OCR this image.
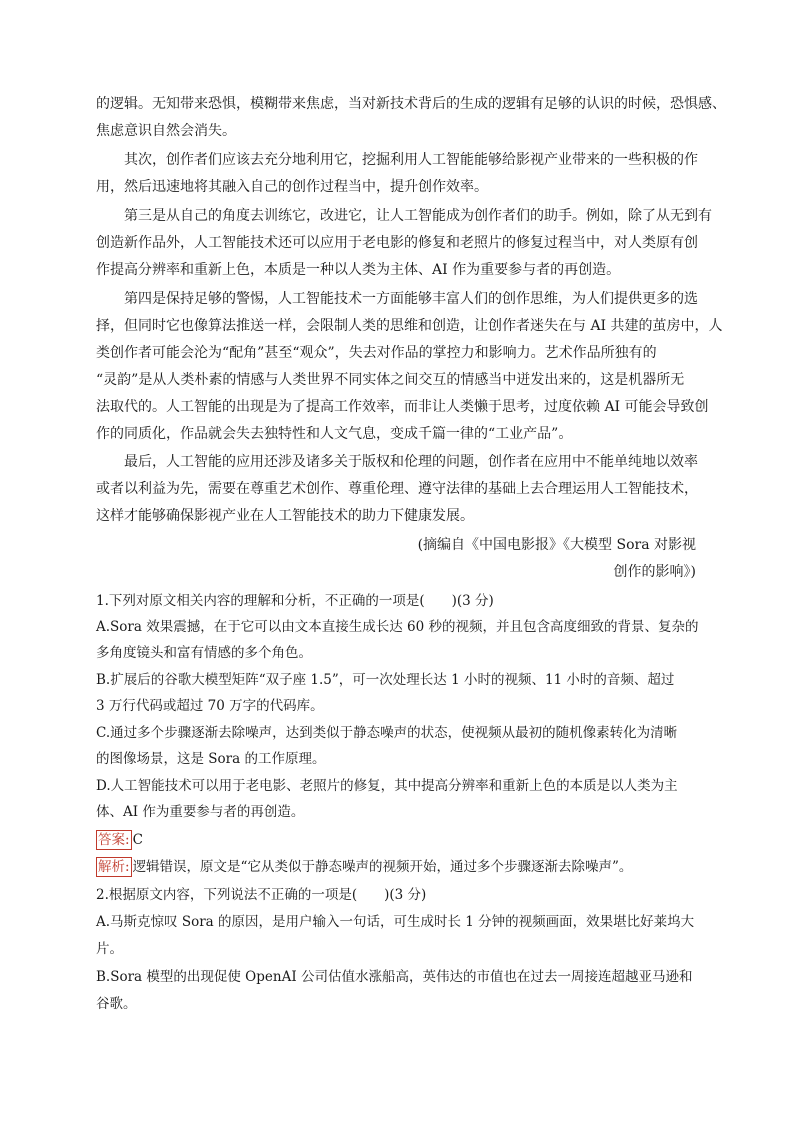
的逻辑。无知带来恐惧，模糊带来焦虑，当对新技术背后的生成的逻辑有足够的认识的时候，恐惧感、
焦虑意识自然会消失。
其次，创作者们应该去充分地利用它，挖掘利用人工智能能够给影视产业带来的一些积极的作
用，然后迅速地将其融入自己的创作过程当中，提升创作效率。
第三是从自己的角度去训练它，改进它，让人工智能成为创作者们的助手。例如，除了从无到有
创造新作品外，人工智能技术还可以应用于老电影的修复和老照片的修复过程当中，对人类原有创
作提高分辨率和重新上色，本质是一种以人类为主体、AI 作为重要参与者的再创造。
第四是保持足够的警惕，人工智能技术一方面能够丰富人们的创作思维，为人们提供更多的选
择，但同时它也像算法推送一样，会限制人类的思维和创造，让创作者迷失在与 AI 共建的茧房中，人
类创作者可能会沦为“配角”甚至“观众”，失去对作品的掌控力和影响力。艺术作品所独有的
“灵韵”是从人类朴素的情感与人类世界不同实体之间交互的情感当中迸发出来的，这是机器所无
法取代的。人工智能的出现是为了提高工作效率，而非让人类懒于思考，过度依赖 AI 可能会导致创
作的同质化，作品就会失去独特性和人文气息，变成千篇一律的“工业产品”。
最后，人工智能的应用还涉及诸多关于版权和伦理的问题，创作者在应用中不能单纯地以效率
或者以利益为先，需要在尊重艺术创作、尊重伦理、遵守法律的基础上去合理运用人工智能技术，
这样才能够确保影视产业在人工智能技术的助力下健康发展。
(摘编自《中国电影报》《大模型 Sora 对影视
创作的影响》)
1.下列对原文相关内容的理解和分析，不正确的一项是(　　)(3 分)
A.Sora 效果震撼，在于它可以由文本直接生成长达 60 秒的视频，并且包含高度细致的背景、复杂的
多角度镜头和富有情感的多个角色。
B.扩展后的谷歌大模型矩阵“双子座 1.5”，可一次处理长达 1 小时的视频、11 小时的音频、超过
3 万行代码或超过 70 万字的代码库。
C.通过多个步骤逐渐去除噪声，达到类似于静态噪声的状态，使视频从最初的随机像素转化为清晰
的图像场景，这是 Sora 的工作原理。
D.人工智能技术可以用于老电影、老照片的修复，其中提高分辨率和重新上色的本质是以人类为主
体、AI 作为重要参与者的再创造。
答案: C
解析: 逻辑错误，原文是“它从类似于静态噪声的视频开始，通过多个步骤逐渐去除噪声”。
2.根据原文内容，下列说法不正确的一项是(　　)(3 分)
A.马斯克惊叹 Sora 的原因，是用户输入一句话，可生成时长 1 分钟的视频画面，效果堪比好莱坞大
片。
B.Sora 模型的出现促使 OpenAI 公司估值水涨船高，英伟达的市值也在过去一周接连超越亚马逊和
谷歌。
